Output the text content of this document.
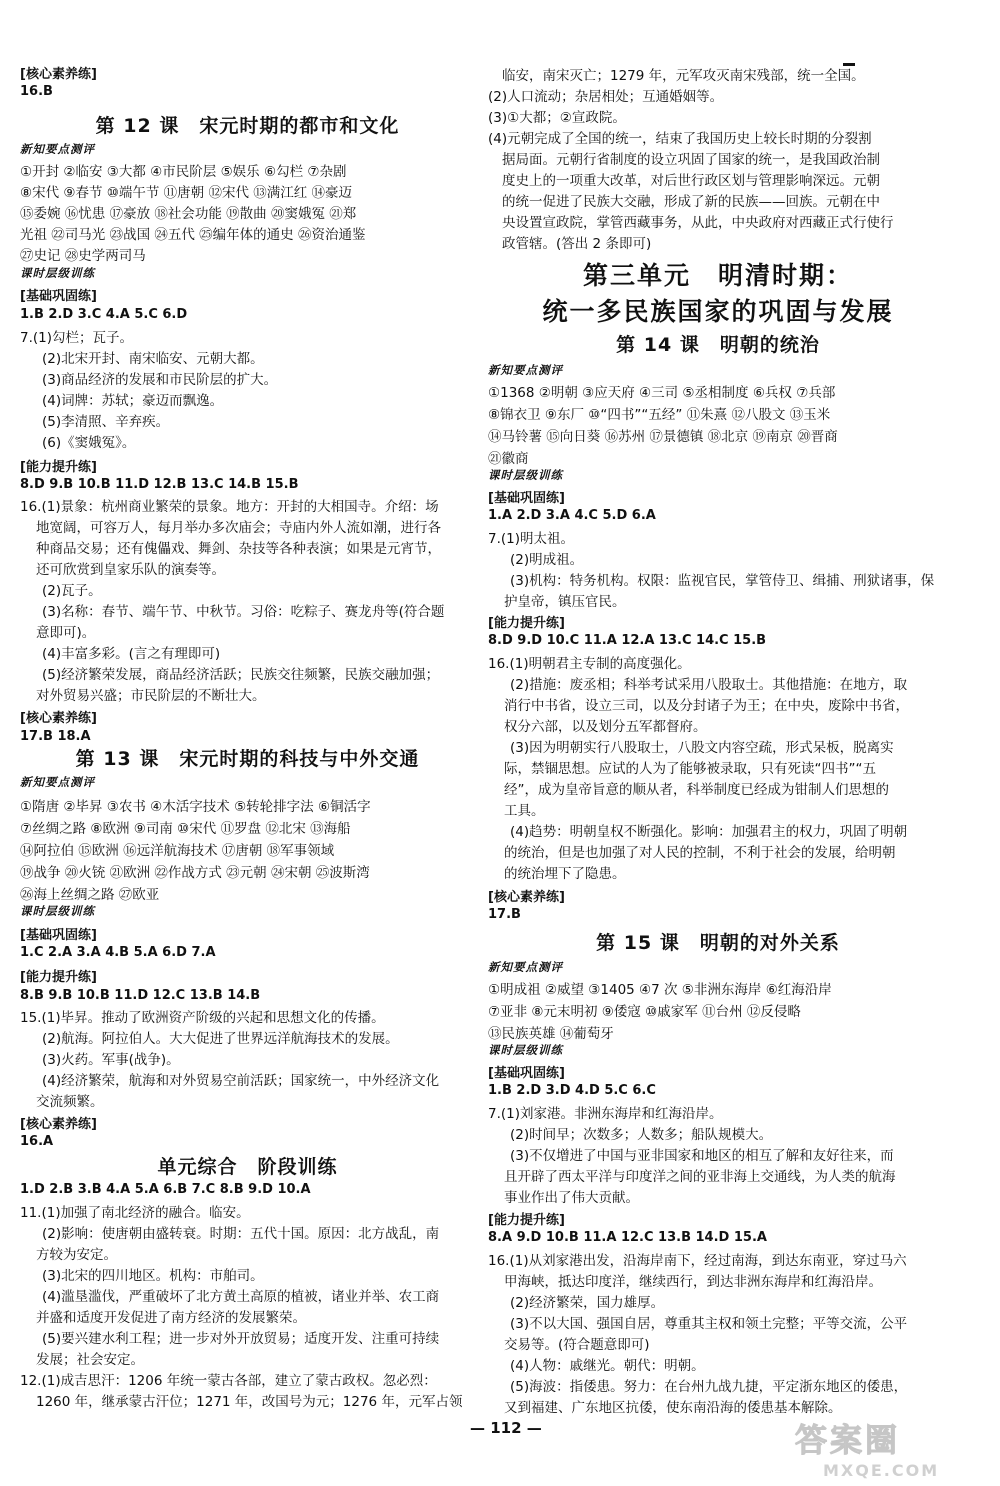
[核心素养练]
16.B
第 12 课　宋元时期的都市和文化
新知要点测评
①开封 ②临安 ③大都 ④市民阶层 ⑤娱乐 ⑥勾栏 ⑦杂剧
⑧宋代 ⑨春节 ⑩端午节 ⑪唐朝 ⑫宋代 ⑬满江红 ⑭豪迈
⑮委婉 ⑯忧患 ⑰豪放 ⑱社会功能 ⑲散曲 ⑳窦娥冤 ㉑郑
光祖 ㉒司马光 ㉓战国 ㉔五代 ㉕编年体的通史 ㉖资治通鉴
㉗史记 ㉘史学两司马
课时层级训练
[基础巩固练]
1.B 2.D 3.C 4.A 5.C 6.D
7.(1)勾栏；瓦子。
(2)北宋开封、南宋临安、元朝大都。
(3)商品经济的发展和市民阶层的扩大。
(4)词牌：苏轼；豪迈而飘逸。
(5)李清照、辛弃疾。
(6)《窦娥冤》。
[能力提升练]
8.D 9.B 10.B 11.D 12.B 13.C 14.B 15.B
16.(1)景象：杭州商业繁荣的景象。地方：开封的大相国寺。介绍：场
地宽阔，可容万人，每月举办多次庙会；寺庙内外人流如潮，进行各
种商品交易；还有傀儡戏、舞剑、杂技等各种表演；如果是元宵节，
还可欣赏到皇家乐队的演奏等。
(2)瓦子。
(3)名称：春节、端午节、中秋节。习俗：吃粽子、赛龙舟等(符合题
意即可)。
(4)丰富多彩。(言之有理即可)
(5)经济繁荣发展，商品经济活跃；民族交往频繁，民族交融加强；
对外贸易兴盛；市民阶层的不断壮大。
[核心素养练]
17.B 18.A
第 13 课　宋元时期的科技与中外交通
新知要点测评
①隋唐 ②毕昇 ③农书 ④木活字技术 ⑤转轮排字法 ⑥铜活字
⑦丝绸之路 ⑧欧洲 ⑨司南 ⑩宋代 ⑪罗盘 ⑫北宋 ⑬海船
⑭阿拉伯 ⑮欧洲 ⑯远洋航海技术 ⑰唐朝 ⑱军事领域
⑲战争 ⑳火铳 ㉑欧洲 ㉒作战方式 ㉓元朝 ㉔宋朝 ㉕波斯湾
㉖海上丝绸之路 ㉗欧亚
课时层级训练
[基础巩固练]
1.C 2.A 3.A 4.B 5.A 6.D 7.A
[能力提升练]
8.B 9.B 10.B 11.D 12.C 13.B 14.B
15.(1)毕昇。推动了欧洲资产阶级的兴起和思想文化的传播。
(2)航海。阿拉伯人。大大促进了世界远洋航海技术的发展。
(3)火药。军事(战争)。
(4)经济繁荣，航海和对外贸易空前活跃；国家统一，中外经济文化
交流频繁。
[核心素养练]
16.A
单元综合　阶段训练
1.D 2.B 3.B 4.A 5.A 6.B 7.C 8.B 9.D 10.A
11.(1)加强了南北经济的融合。临安。
(2)影响：使唐朝由盛转衰。时期：五代十国。原因：北方战乱，南
方较为安定。
(3)北宋的四川地区。机构：市舶司。
(4)滥垦滥伐，严重破坏了北方黄土高原的植被，诸业并举、农工商
并盛和适度开发促进了南方经济的发展繁荣。
(5)要兴建水利工程；进一步对外开放贸易；适度开发、注重可持续
发展；社会安定。
12.(1)成吉思汗：1206 年统一蒙古各部，建立了蒙古政权。忽必烈：
1260 年，继承蒙古汗位；1271 年，改国号为元；1276 年，元军占领
临安，南宋灭亡；1279 年，元军攻灭南宋残部，统一全国。
(2)人口流动；杂居相处；互通婚姻等。
(3)①大都；②宣政院。
(4)元朝完成了全国的统一，结束了我国历史上较长时期的分裂割
据局面。元朝行省制度的设立巩固了国家的统一，是我国政治制
度史上的一项重大改革，对后世行政区划与管理影响深远。元朝
的统一促进了民族大交融，形成了新的民族——回族。元朝在中
央设置宣政院，掌管西藏事务，从此，中央政府对西藏正式行使行
政管辖。(答出 2 条即可)
第三单元　明清时期：
统一多民族国家的巩固与发展
第 14 课　明朝的统治
新知要点测评
①1368 ②明朝 ③应天府 ④三司 ⑤丞相制度 ⑥兵权 ⑦兵部
⑧锦衣卫 ⑨东厂 ⑩“四书”“五经” ⑪朱熹 ⑫八股文 ⑬玉米
⑭马铃薯 ⑮向日葵 ⑯苏州 ⑰景德镇 ⑱北京 ⑲南京 ⑳晋商
㉑徽商
课时层级训练
[基础巩固练]
1.A 2.D 3.A 4.C 5.D 6.A
7.(1)明太祖。
(2)明成祖。
(3)机构：特务机构。权限：监视官民，掌管侍卫、缉捕、刑狱诸事，保
护皇帝，镇压官民。
[能力提升练]
8.D 9.D 10.C 11.A 12.A 13.C 14.C 15.B
16.(1)明朝君主专制的高度强化。
(2)措施：废丞相；科举考试采用八股取士。其他措施：在地方，取
消行中书省，设立三司，以及分封诸子为王；在中央，废除中书省，
权分六部，以及划分五军都督府。
(3)因为明朝实行八股取士，八股文内容空疏，形式呆板，脱离实
际，禁锢思想。应试的人为了能够被录取，只有死读“四书”“五
经”，成为皇帝旨意的顺从者，科举制度已经成为钳制人们思想的
工具。
(4)趋势：明朝皇权不断强化。影响：加强君主的权力，巩固了明朝
的统治，但是也加强了对人民的控制，不利于社会的发展，给明朝
的统治埋下了隐患。
[核心素养练]
17.B
第 15 课　明朝的对外关系
新知要点测评
①明成祖 ②威望 ③1405 ④7 次 ⑤非洲东海岸 ⑥红海沿岸
⑦亚非 ⑧元末明初 ⑨倭寇 ⑩戚家军 ⑪台州 ⑫反侵略
⑬民族英雄 ⑭葡萄牙
课时层级训练
[基础巩固练]
1.B 2.D 3.D 4.D 5.C 6.C
7.(1)刘家港。非洲东海岸和红海沿岸。
(2)时间早；次数多；人数多；船队规模大。
(3)不仅增进了中国与亚非国家和地区的相互了解和友好往来，而
且开辟了西太平洋与印度洋之间的亚非海上交通线，为人类的航海
事业作出了伟大贡献。
[能力提升练]
8.A 9.D 10.B 11.A 12.C 13.B 14.D 15.A
16.(1)从刘家港出发，沿海岸南下，经过南海，到达东南亚，穿过马六
甲海峡，抵达印度洋，继续西行，到达非洲东海岸和红海沿岸。
(2)经济繁荣，国力雄厚。
(3)不以大国、强国自居，尊重其主权和领土完整；平等交流，公平
交易等。(符合题意即可)
(4)人物：戚继光。朝代：明朝。
(5)海波：指倭患。努力：在台州九战九捷，平定浙东地区的倭患，
又到福建、广东地区抗倭，使东南沿海的倭患基本解除。
— 112 —	答案圈
MXQE.COM
